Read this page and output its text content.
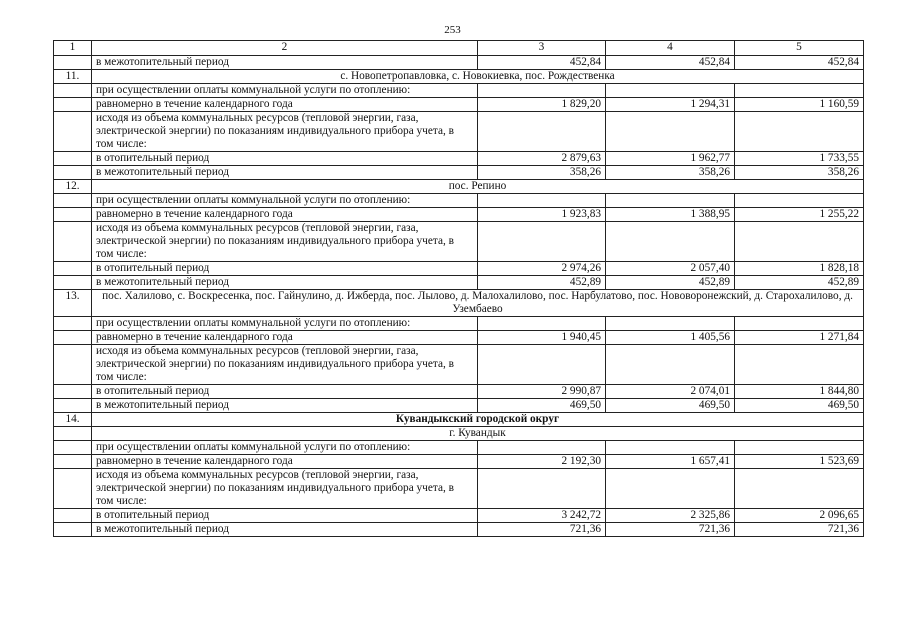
253
1	2	3	4	5
	в межотопительный период	452,84	452,84	452,84
11.	с. Новопетропавловка, с. Новокиевка, пос. Рождественка			
	при осуществлении оплаты коммунальной услуги по отоплению:			
	равномерно в течение календарного года	1 829,20	1 294,31	1 160,59
	исходя из объема коммунальных ресурсов (тепловой энергии, газа, электрической энергии) по показаниям индивидуального прибора учета, в том числе:			
	в отопительный период	2 879,63	1 962,77	1 733,55
	в межотопительный период	358,26	358,26	358,26
12.	пос. Репино			
	при осуществлении оплаты коммунальной услуги по отоплению:			
	равномерно в течение календарного года	1 923,83	1 388,95	1 255,22
	исходя из объема коммунальных ресурсов (тепловой энергии, газа, электрической энергии) по показаниям индивидуального прибора учета, в том числе:			
	в отопительный период	2 974,26	2 057,40	1 828,18
	в межотопительный период	452,89	452,89	452,89
13.	пос. Халилово, с. Воскресенка, пос. Гайнулино, д. Ижберда, пос. Лылово, д. Малохалилово, пос. Нарбулатово, пос. Нововоронежский, д. Старохалилово, д. Узембаево			
	при осуществлении оплаты коммунальной услуги по отоплению:			
	равномерно в течение календарного года	1 940,45	1 405,56	1 271,84
	исходя из объема коммунальных ресурсов (тепловой энергии, газа, электрической энергии) по показаниям индивидуального прибора учета, в том числе:			
	в отопительный период	2 990,87	2 074,01	1 844,80
	в межотопительный период	469,50	469,50	469,50
14.	Кувандыкский городской округ			
	г. Кувандык			
	при осуществлении оплаты коммунальной услуги по отоплению:			
	равномерно в течение календарного года	2 192,30	1 657,41	1 523,69
	исходя из объема коммунальных ресурсов (тепловой энергии, газа, электрической энергии) по показаниям индивидуального прибора учета, в том числе:			
	в отопительный период	3 242,72	2 325,86	2 096,65
	в межотопительный период	721,36	721,36	721,36
